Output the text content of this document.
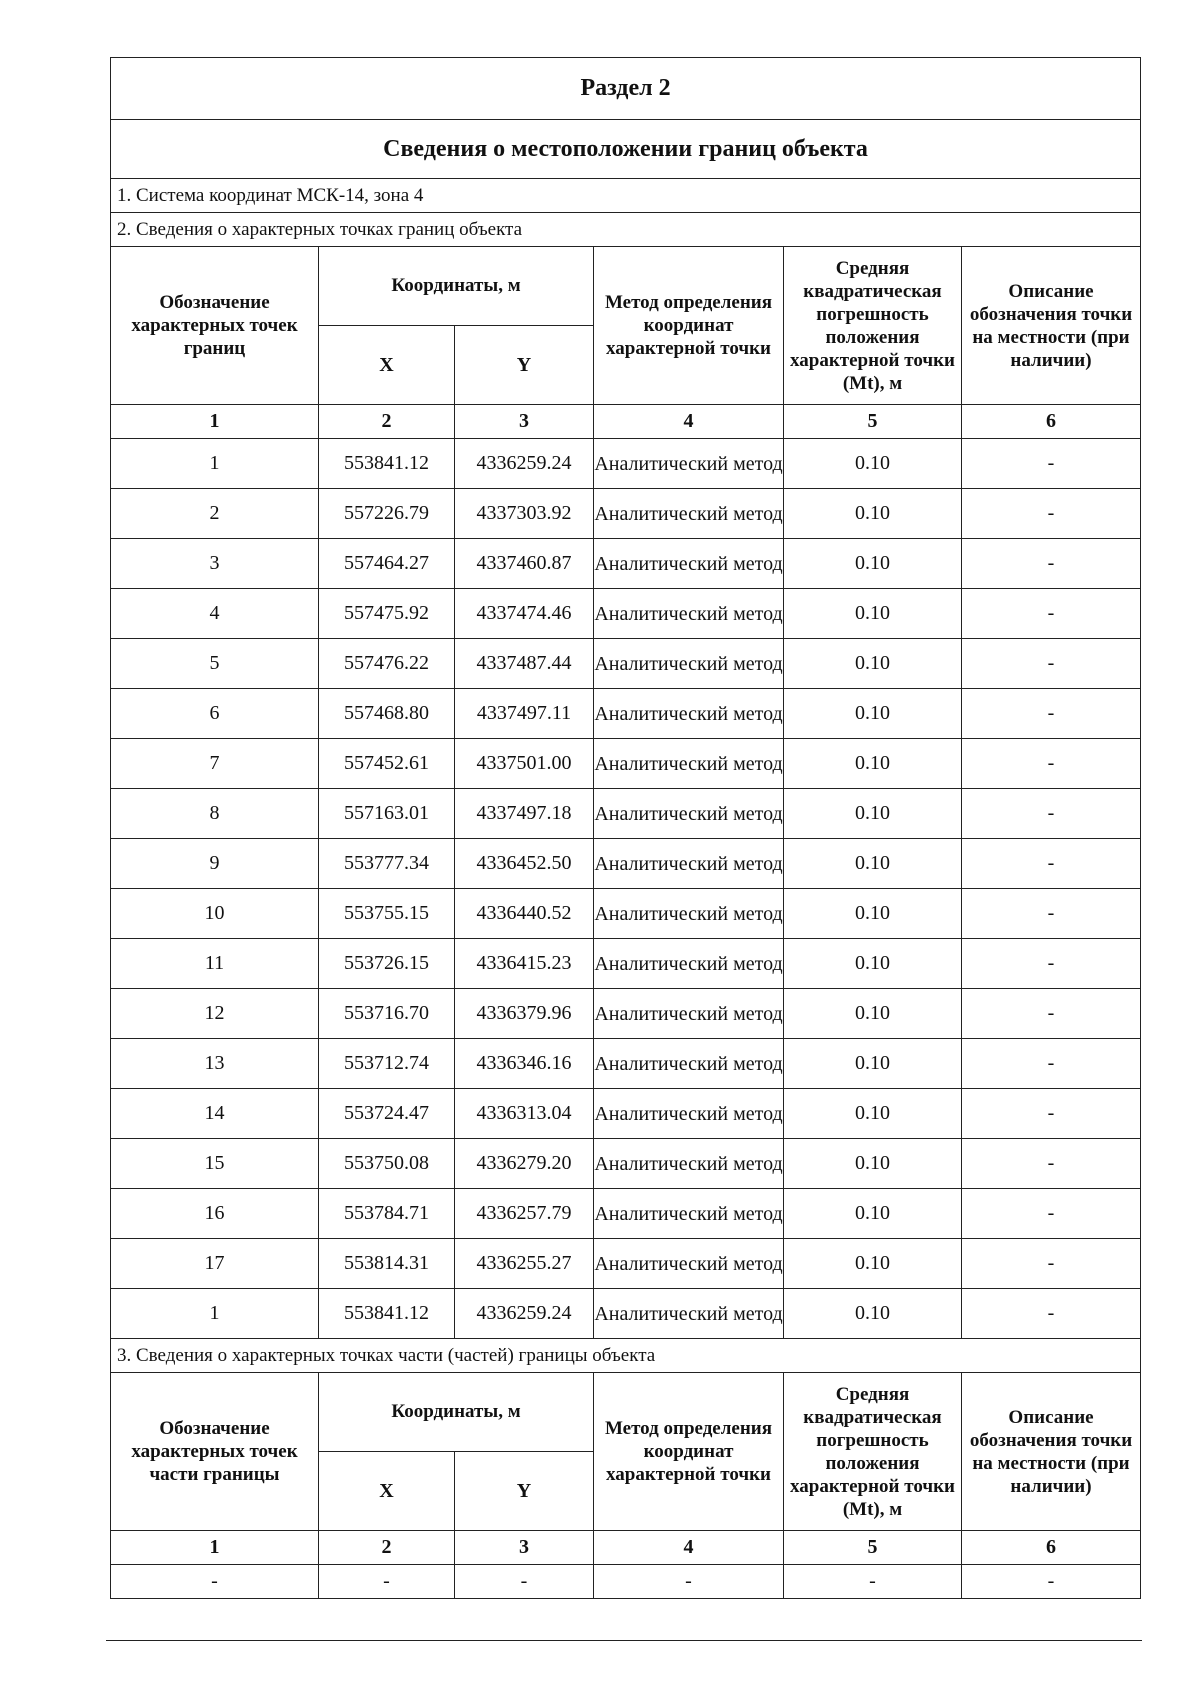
Раздел 2					
Сведения о местоположении границ объекта					
1. Система координат МСК-14, зона 4					
2. Сведения о характерных точках границ объекта					
Обозначение характерных точек границ	Координаты, м		Метод определения координат характерной точки	Средняя квадратическая погрешность положения характерной точки (Mt), м	Описание обозначения точки на местности (при наличии)
	X	Y			
1	2	3	4	5	6
1	553841.12	4336259.24	Аналитический метод	0.10	-
2	557226.79	4337303.92	Аналитический метод	0.10	-
3	557464.27	4337460.87	Аналитический метод	0.10	-
4	557475.92	4337474.46	Аналитический метод	0.10	-
5	557476.22	4337487.44	Аналитический метод	0.10	-
6	557468.80	4337497.11	Аналитический метод	0.10	-
7	557452.61	4337501.00	Аналитический метод	0.10	-
8	557163.01	4337497.18	Аналитический метод	0.10	-
9	553777.34	4336452.50	Аналитический метод	0.10	-
10	553755.15	4336440.52	Аналитический метод	0.10	-
11	553726.15	4336415.23	Аналитический метод	0.10	-
12	553716.70	4336379.96	Аналитический метод	0.10	-
13	553712.74	4336346.16	Аналитический метод	0.10	-
14	553724.47	4336313.04	Аналитический метод	0.10	-
15	553750.08	4336279.20	Аналитический метод	0.10	-
16	553784.71	4336257.79	Аналитический метод	0.10	-
17	553814.31	4336255.27	Аналитический метод	0.10	-
1	553841.12	4336259.24	Аналитический метод	0.10	-
3. Сведения о характерных точках части (частей) границы объекта					
Обозначение характерных точек части границы	Координаты, м		Метод определения координат характерной точки	Средняя квадратическая погрешность положения характерной точки (Mt), м	Описание обозначения точки на местности (при наличии)
	X	Y			
1	2	3	4	5	6
-	-	-	-	-	-
